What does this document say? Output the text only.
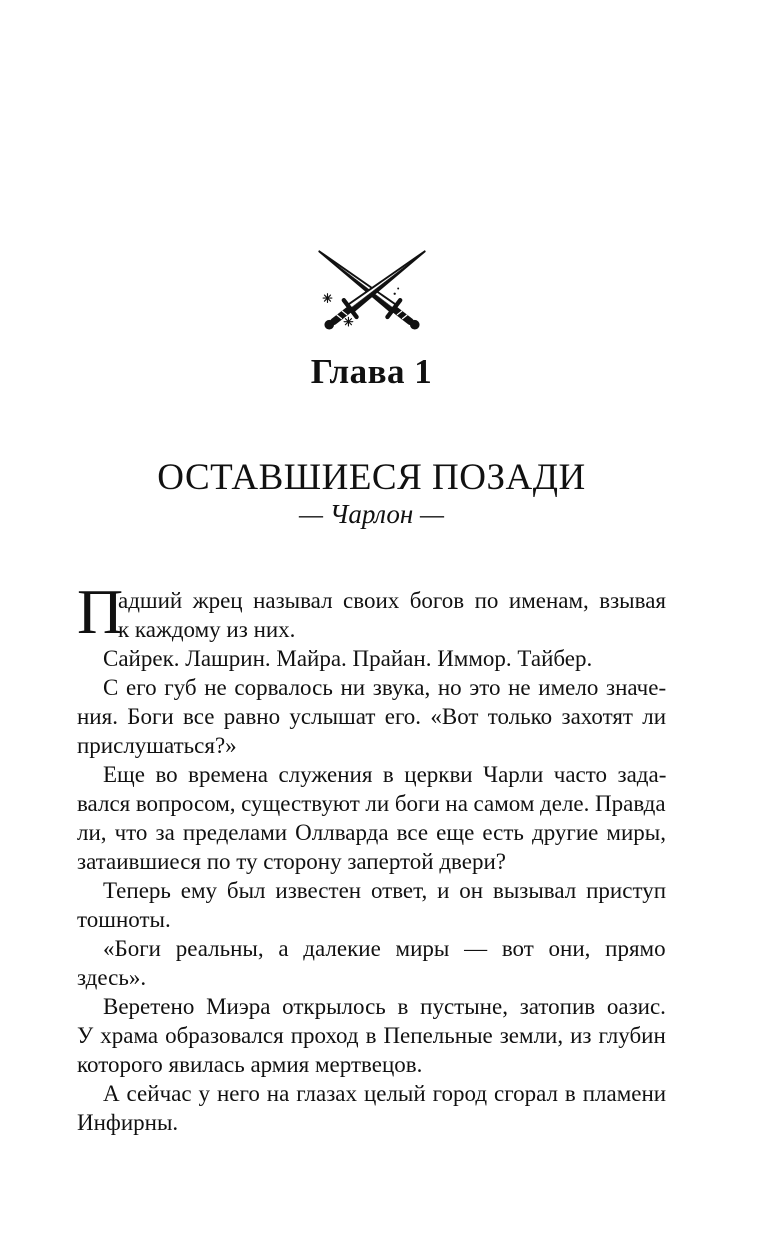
Глава 1
ОСТАВШИЕСЯ ПОЗАДИ
— Чарлон —
П
адший жрец называл своих богов по именам, взывая
к каждому из них.
Сайрек. Лашрин. Майра. Прайан. Иммор. Тайбер.
С его губ не сорвалось ни звука, но это не имело значе-
ния. Боги все равно услышат его. «Вот только захотят ли
прислушаться?»
Еще во времена служения в церкви Чарли часто зада-
вался вопросом, существуют ли боги на самом деле. Правда
ли, что за пределами Оллварда все еще есть другие миры,
затаившиеся по ту сторону запертой двери?
Теперь ему был известен ответ, и он вызывал приступ
тошноты.
«Боги реальны, а далекие миры — вот они, прямо
здесь».
Веретено Миэра открылось в пустыне, затопив оазис.
У храма образовался проход в Пепельные земли, из глубин
которого явилась армия мертвецов.
А сейчас у него на глазах целый город сгорал в пламени
Инфирны.
